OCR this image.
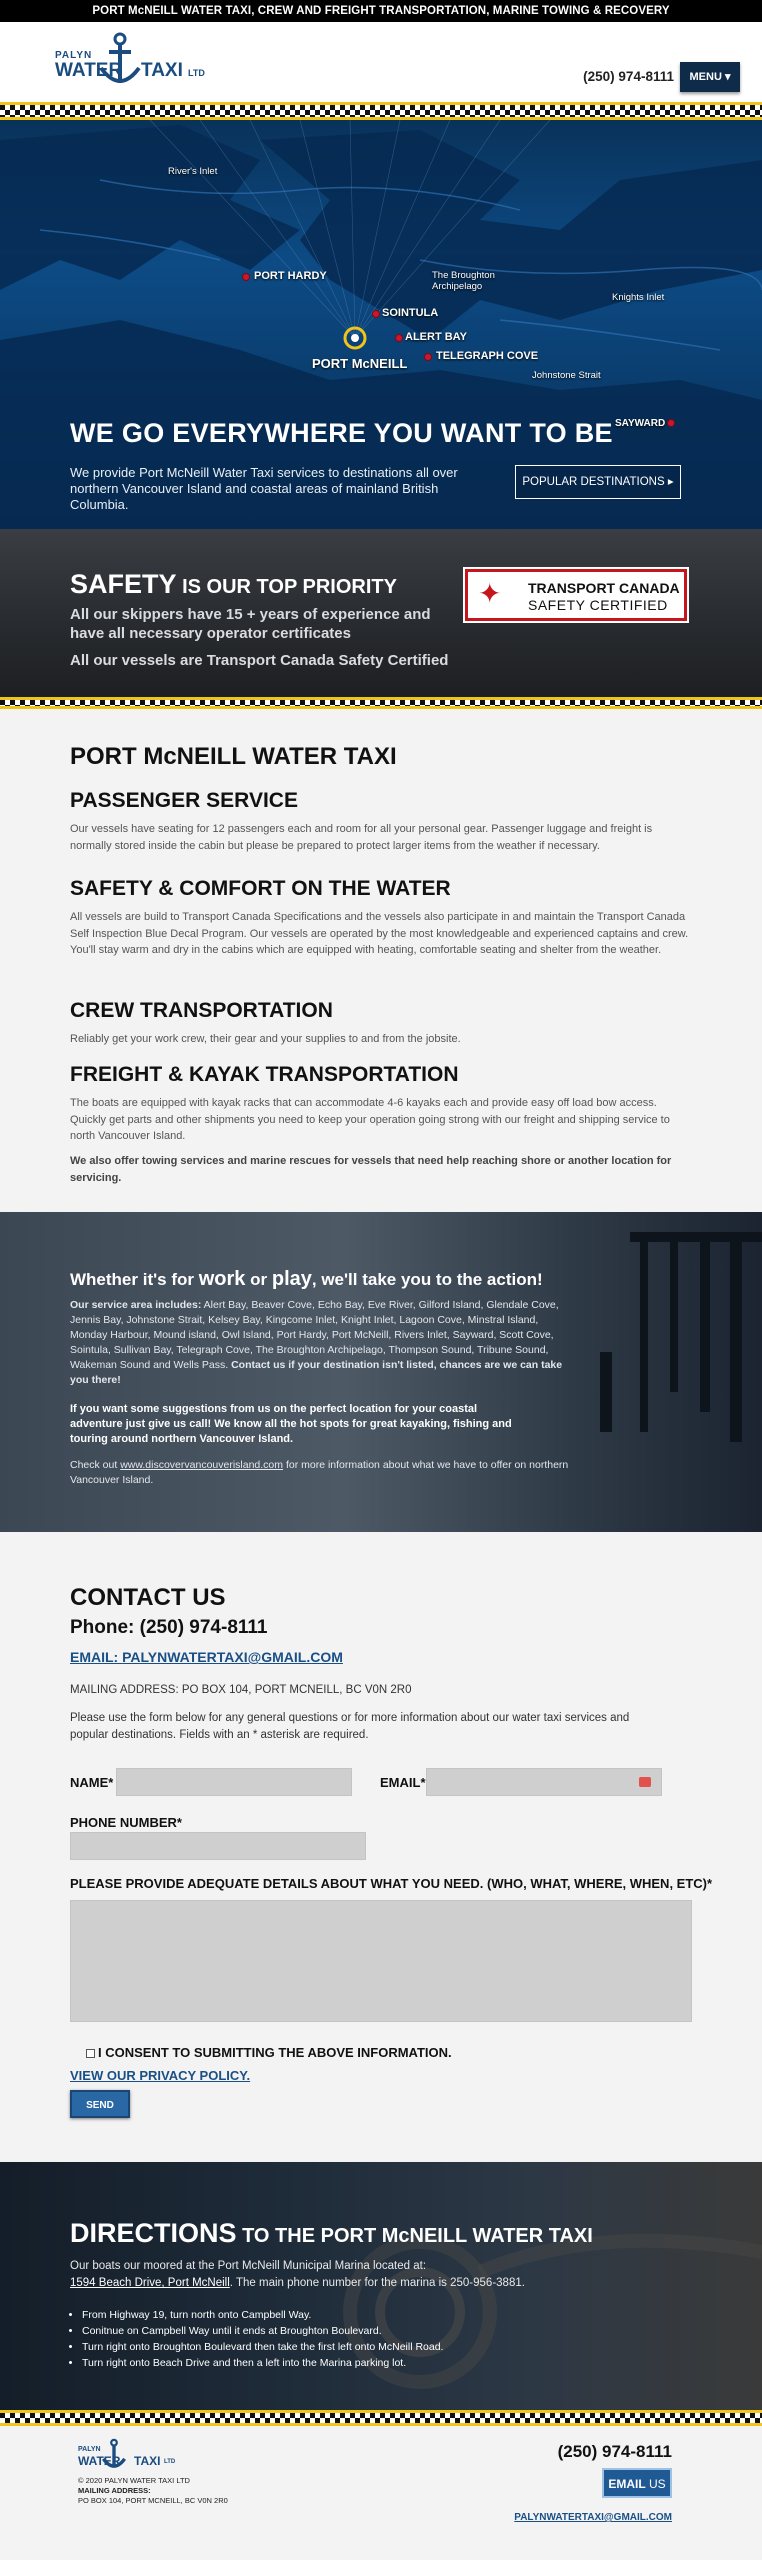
PORT McNEILL WATER TAXI, CREW AND FREIGHT TRANSPORTATION, MARINE TOWING & RECOVERY
PALYN
WATER TAXI LTD	(250) 974-8111	MENU ▾
River's Inlet
PORT HARDY	The Broughton Archipelago
SOINTULA
Knights Inlet
ALERT BAY
PORT McNEILL	TELEGRAPH COVE
Johnstone Strait
SAYWARD
WE GO EVERYWHERE YOU WANT TO BE

We provide Port McNeill Water Taxi services to destinations all over northern Vancouver Island and coastal areas of mainland British Columbia.

POPULAR DESTINATIONS ▸
SAFETY IS OUR TOP PRIORITY

All our skippers have 15 + years of experience and have all necessary operator certificates

All our vessels are Transport Canada Safety Certified

✦ TRANSPORT CANADA
SAFETY CERTIFIED
PORT McNEILL WATER TAXI
PASSENGER SERVICE

Our vessels have seating for 12 passengers each and room for all your personal gear. Passenger luggage and freight is normally stored inside the cabin but please be prepared to protect larger items from the weather if necessary.

SAFETY & COMFORT ON THE WATER

All vessels are build to Transport Canada Specifications and the vessels also participate in and maintain the Transport Canada Self Inspection Blue Decal Program. Our vessels are operated by the most knowledgeable and experienced captains and crew. You'll stay warm and dry in the cabins which are equipped with heating, comfortable seating and shelter from the weather.

CREW TRANSPORTATION

Reliably get your work crew, their gear and your supplies to and from the jobsite.

FREIGHT & KAYAK TRANSPORTATION

The boats are equipped with kayak racks that can accommodate 4-6 kayaks each and provide easy off load bow access. Quickly get parts and other shipments you need to keep your operation going strong with our freight and shipping service to north Vancouver Island.

We also offer towing services and marine rescues for vessels that need help reaching shore or another location for servicing.

Whether it's for work or play, we'll take you to the action!

Our service area includes: Alert Bay, Beaver Cove, Echo Bay, Eve River, Gilford Island, Glendale Cove, Jennis Bay, Johnstone Strait, Kelsey Bay, Kingcome Inlet, Knight Inlet, Lagoon Cove, Minstral Island, Monday Harbour, Mound island, Owl Island, Port Hardy, Port McNeill, Rivers Inlet, Sayward, Scott Cove, Sointula, Sullivan Bay, Telegraph Cove, The Broughton Archipelago, Thompson Sound, Tribune Sound, Wakeman Sound and Wells Pass. Contact us if your destination isn't listed, chances are we can take you there!

If you want some suggestions from us on the perfect location for your coastal adventure just give us call! We know all the hot spots for great kayaking, fishing and touring around northern Vancouver Island.

Check out www.discovervancouverisland.com for more information about what we have to offer on northern Vancouver Island.

CONTACT US
Phone: (250) 974-8111
EMAIL: PALYNWATERTAXI@GMAIL.COM
MAILING ADDRESS: PO BOX 104, PORT MCNEILL, BC V0N 2R0
Please use the form below for any general questions or for more information about our water taxi services and popular destinations. Fields with an * asterisk are required.
NAME*	EMAIL*
PHONE NUMBER*
PLEASE PROVIDE ADEQUATE DETAILS ABOUT WHAT YOU NEED. (WHO, WHAT, WHERE, WHEN, ETC)*
I CONSENT TO SUBMITTING THE ABOVE INFORMATION.
VIEW OUR PRIVACY POLICY.
SEND
DIRECTIONS TO THE PORT McNEILL WATER TAXI
Our boats our moored at the Port McNeill Municipal Marina located at:
1594 Beach Drive, Port McNeill. The main phone number for the marina is 250-956-3881.
• From Highway 19, turn north onto Campbell Way.
• Conitnue on Campbell Way until it ends at Broughton Boulevard.
• Turn right onto Broughton Boulevard then take the first left onto McNeill Road.
• Turn right onto Beach Drive and then a left into the Marina parking lot.
PALYN
WATER TAXI LTD
© 2020 PALYN WATER TAXI LTD
MAILING ADDRESS:
PO BOX 104, PORT MCNEILL, BC V0N 2R0
(250) 974-8111
EMAIL US
PALYNWATERTAXI@GMAIL.COM
